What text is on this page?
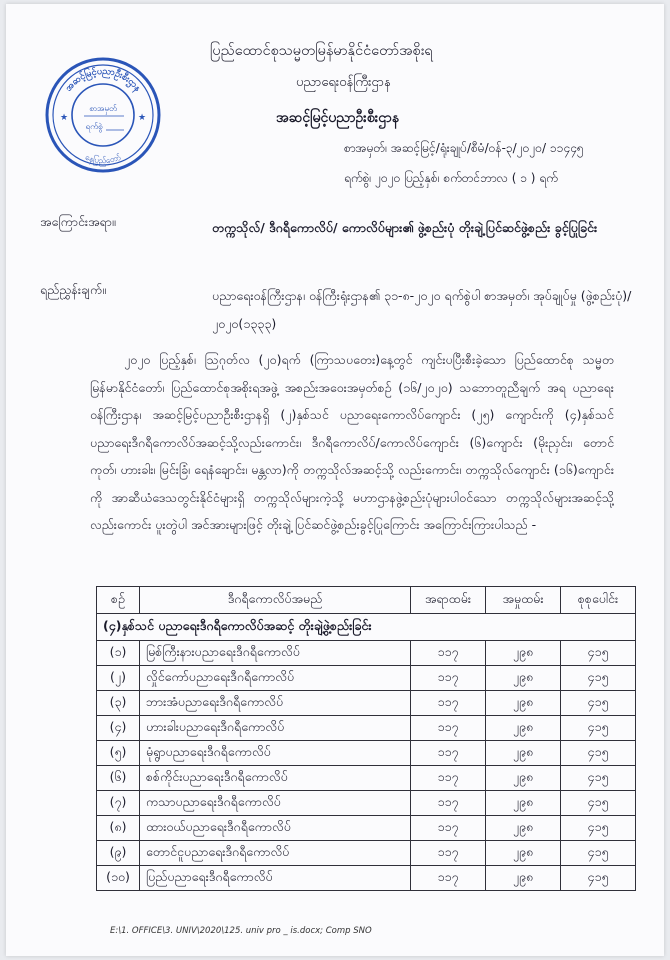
အဆင့်မြင့်ပညာဦးစီးဌာန
နေပြည်တော်
★	★
စာအမှတ်
ရက်စွဲ
ပြည်ထောင်စုသမ္မတမြန်မာနိုင်ငံတော်အစိုးရ
ပညာရေးဝန်ကြီးဌာန
အဆင့်မြင့်ပညာဦးစီးဌာန
စာအမှတ်၊ အဆင့်မြင့်/ရုံးချုပ်/စီမံ/ဝန်-၃/၂၀၂၀/ ၁၁၄၄၅
ရက်စွဲ၊ ၂၀၂၀ ပြည့်နှစ်၊ စက်တင်ဘာလ ( ၁ ) ရက်
အကြောင်းအရာ။	တက္ကသိုလ်/ ဒီဂရီကောလိပ်/ ကောလိပ်များ၏ ဖွဲ့စည်းပုံ တိုးချဲ့ပြင်ဆင်ဖွဲ့စည်း ခွင့်ပြုခြင်း
ရည်ညွှန်းချက်။	ပညာရေးဝန်ကြီးဌာန၊ ဝန်ကြီးရုံးဌာန၏ ၃၁-၈-၂၀၂၀ ရက်စွဲပါ စာအမှတ်၊ အုပ်ချုပ်မှု (ဖွဲ့စည်းပုံ)/၂၀၂၀(၁၃၃၃)
၂၀၂၀ ပြည့်နှစ်၊ ဩဂုတ်လ (၂၀)ရက် (ကြာသပတေး)နေ့တွင် ကျင်းပပြီးစီးခဲ့သော ပြည်ထောင်စု သမ္မတမြန်မာနိုင်ငံတော်၊ ပြည်ထောင်စုအစိုးရအဖွဲ့ အစည်းအဝေးအမှတ်စဉ် (၁၆/၂၀၂၀) သဘောတူညီချက် အရ ပညာရေးဝန်ကြီးဌာန၊ အဆင့်မြင့်ပညာဦးစီးဌာနရှိ (၂)နှစ်သင် ပညာရေးကောလိပ်ကျောင်း (၂၅) ကျောင်းကို (၄)နှစ်သင် ပညာရေးဒီဂရီကောလိပ်အဆင့်သို့လည်းကောင်း၊ ဒီဂရီကောလိပ်/ကောလိပ်ကျောင်း (၆)ကျောင်း (မိုးညှင်း၊ တောင်ကုတ်၊ ဟားခါး၊ မြင်းခြံ၊ ရေနံချောင်း၊ မန္တလာ)ကို တက္ကသိုလ်အဆင့်သို့ လည်းကောင်း၊ တက္ကသိုလ်ကျောင်း (၁၆)ကျောင်းကို အာဆီယံဒေသတွင်းနိုင်ငံများရှိ တက္ကသိုလ်များကဲ့သို့ မဟာဌာနဖွဲ့စည်းပုံများပါဝင်သော တက္ကသိုလ်များအဆင့်သို့လည်းကောင်း ပူးတွဲပါ အင်အားများဖြင့် တိုးချဲ့ ပြင်ဆင်ဖွဲ့စည်းခွင့်ပြုကြောင်း အကြောင်းကြားပါသည် -
စဉ်	ဒီဂရီကောလိပ်အမည်	အရာထမ်း	အမှုထမ်း	စုစုပေါင်း
(၄)နှစ်သင် ပညာရေးဒီဂရီကောလိပ်အဆင့် တိုးချဲ့ဖွဲ့စည်းခြင်း				
(၁)	မြစ်ကြီးနားပညာရေးဒီဂရီကောလိပ်	၁၁၇	၂၉၈	၄၁၅
(၂)	လှိုင်ကော်ပညာရေးဒီဂရီကောလိပ်	၁၁၇	၂၉၈	၄၁၅
(၃)	ဘားအံပညာရေးဒီဂရီကောလိပ်	၁၁၇	၂၉၈	၄၁၅
(၄)	ဟားခါးပညာရေးဒီဂရီကောလိပ်	၁၁၇	၂၉၈	၄၁၅
(၅)	မုံရွာပညာရေးဒီဂရီကောလိပ်	၁၁၇	၂၉၈	၄၁၅
(၆)	စစ်ကိုင်းပညာရေးဒီဂရီကောလိပ်	၁၁၇	၂၉၈	၄၁၅
(၇)	ကသာပညာရေးဒီဂရီကောလိပ်	၁၁၇	၂၉၈	၄၁၅
(၈)	ထားဝယ်ပညာရေးဒီဂရီကောလိပ်	၁၁၇	၂၉၈	၄၁၅
(၉)	တောင်ငူပညာရေးဒီဂရီကောလိပ်	၁၁၇	၂၉၈	၄၁၅
(၁၀)	ပြည်ပညာရေးဒီဂရီကောလိပ်	၁၁၇	၂၉၈	၄၁၅
E:\1. OFFICE\3. UNIV\2020\125. univ pro _ is.docx; Comp SNO
